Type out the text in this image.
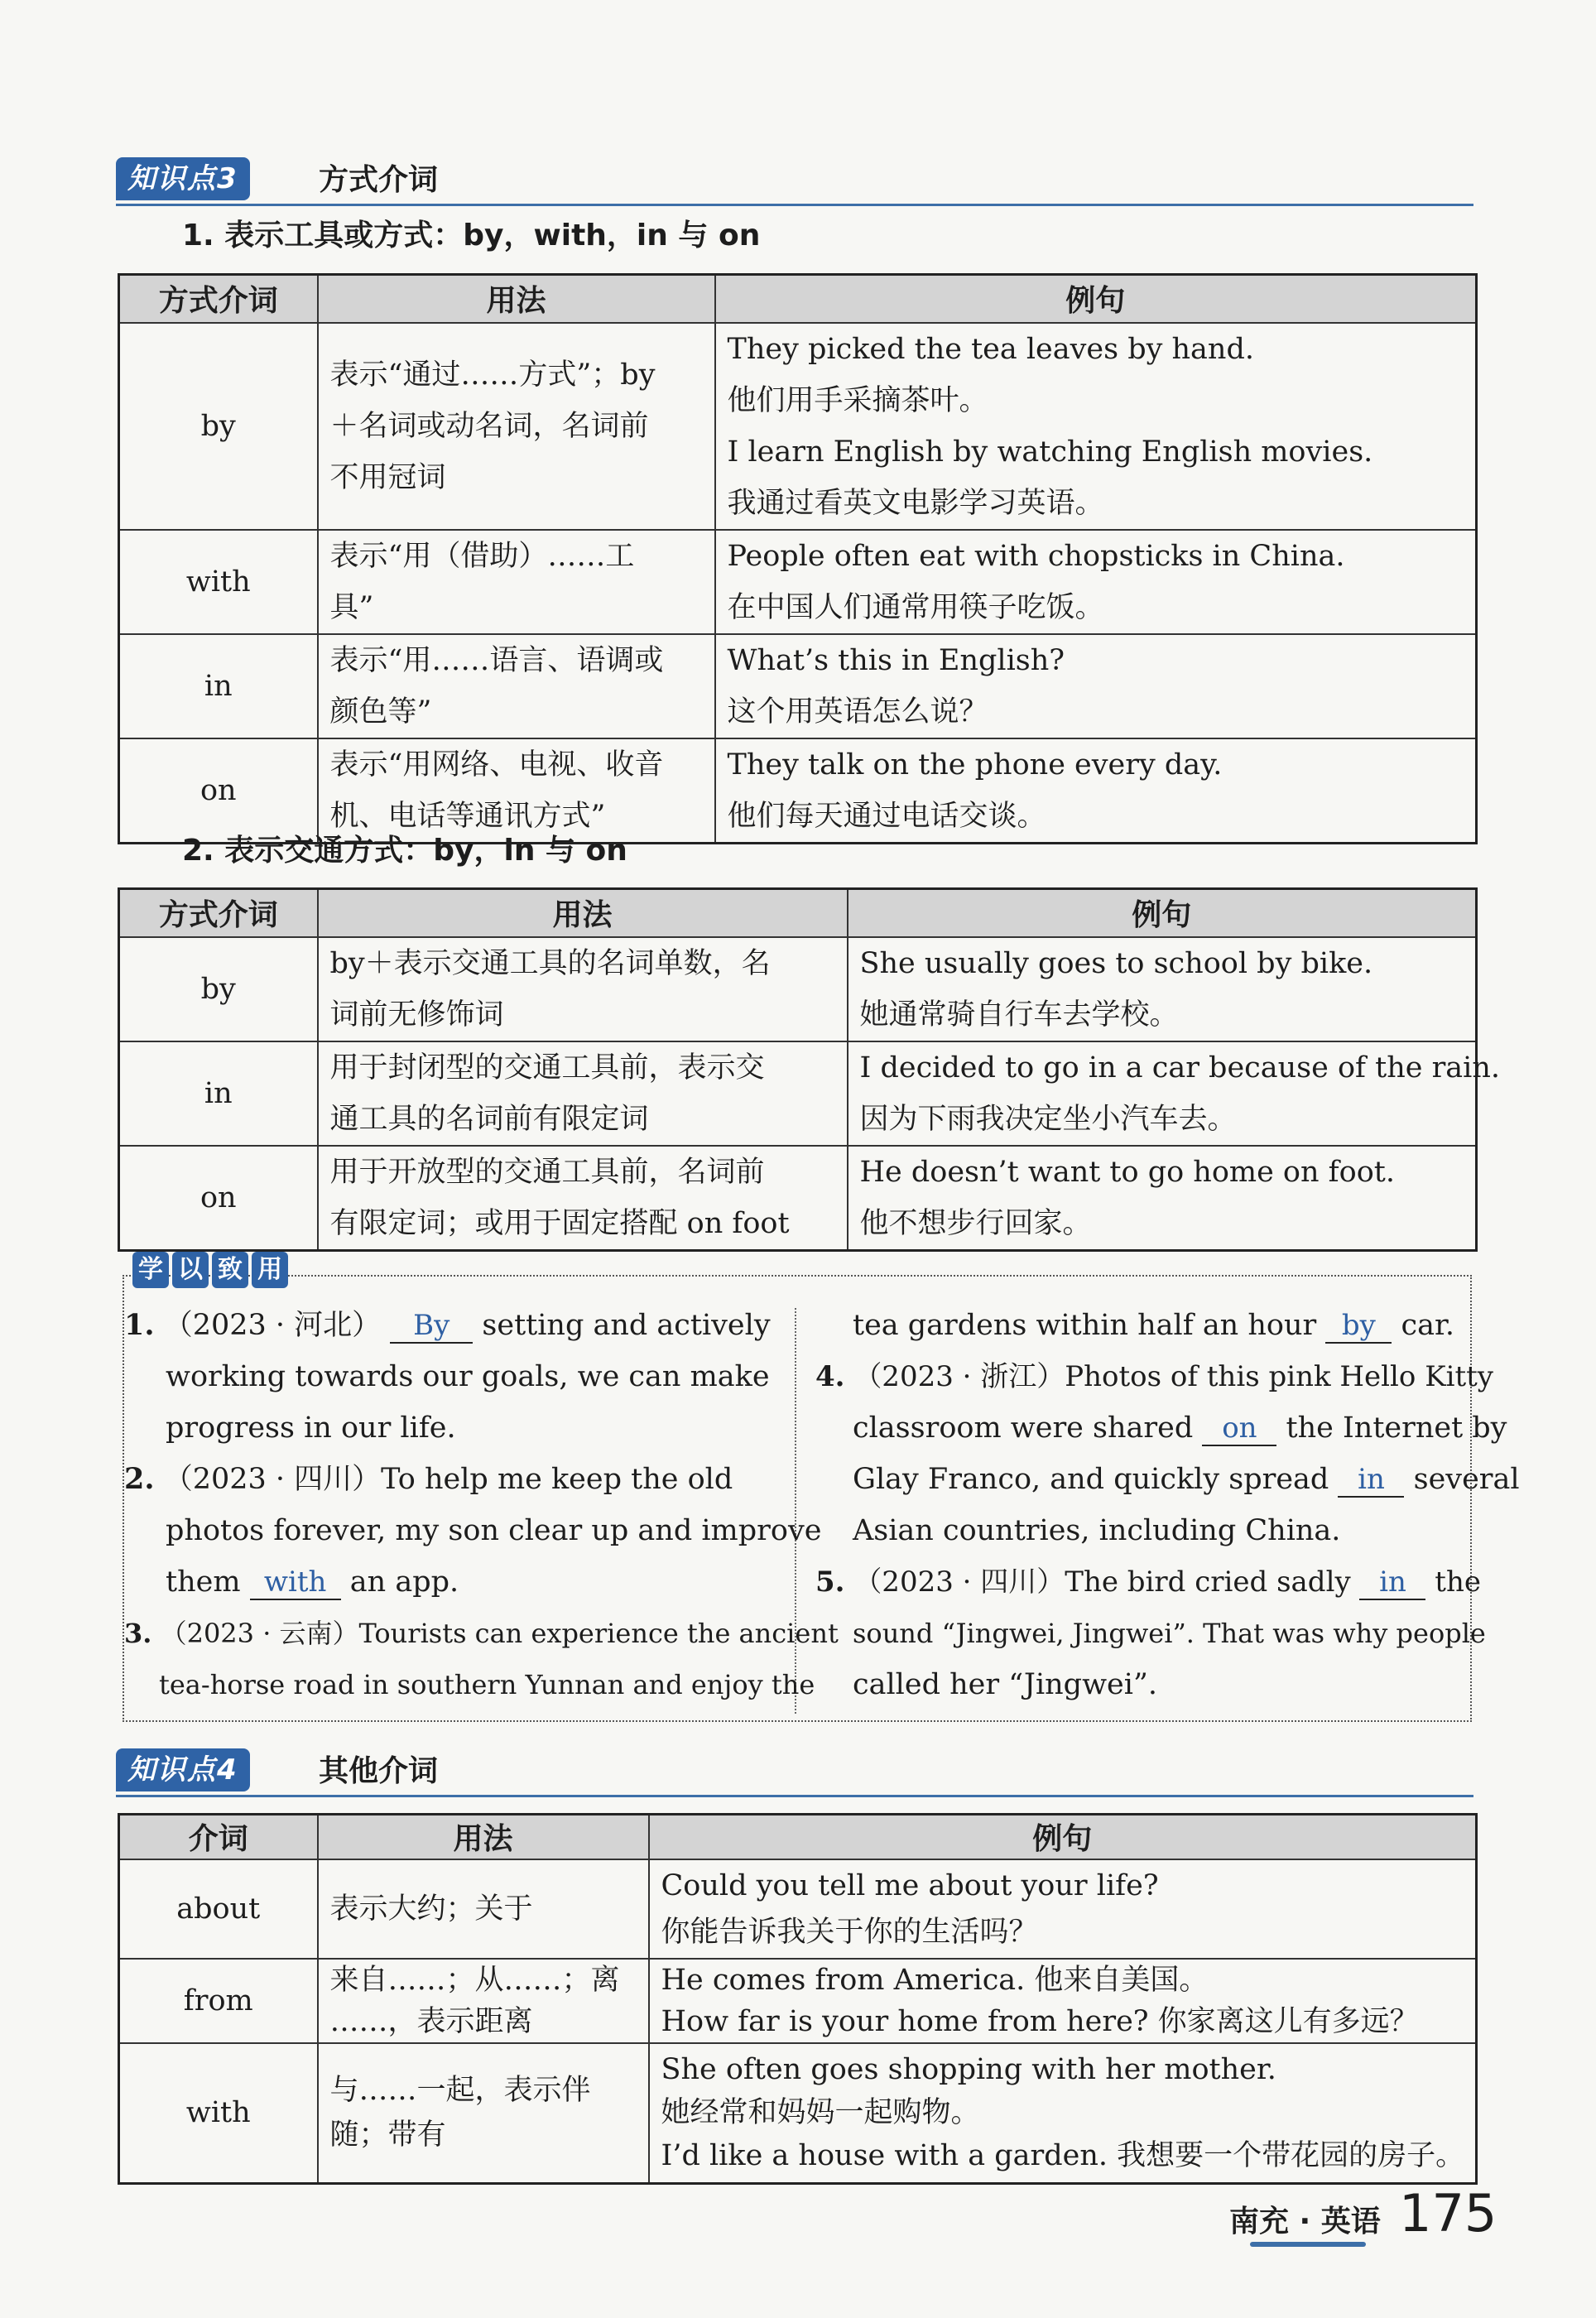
知识点3	方式介词
1. 表示工具或方式：by，with，in 与 on
方式介词	用法	例句
by	表示“通过……方式”；by
＋名词或动名词，名词前
不用冠词	They picked the tea leaves by hand.
他们用手采摘茶叶。
I learn English by watching English movies.
我通过看英文电影学习英语。

with	表示“用（借助）……工
具”	People often eat with chopsticks in China.
在中国人们通常用筷子吃饭。

in	表示“用……语言、语调或
颜色等”	What’s this in English?
这个用英语怎么说？

on	表示“用网络、电视、收音
机、电话等通讯方式”	They talk on the phone every day.
他们每天通过电话交谈。
2. 表示交通方式：by，in 与 on
方式介词	用法	例句
by	by＋表示交通工具的名词单数，名
词前无修饰词	She usually goes to school by bike.
她通常骑自行车去学校。

in	用于封闭型的交通工具前，表示交
通工具的名词前有限定词	I decided to go in a car because of the rain.
因为下雨我决定坐小汽车去。

on	用于开放型的交通工具前，名词前
有限定词；或用于固定搭配 on foot	He doesn’t want to go home on foot.
他不想步行回家。
学 以 致 用
1. （2023 · 河北） By setting and actively
working towards our goals, we can make
progress in our life.
2. （2023 · 四川）To help me keep the old
photos forever, my son clear up and improve
them with an app.
3. （2023 · 云南）Tourists can experience the ancient
tea-horse road in southern Yunnan and enjoy the
tea gardens within half an hour by car.
4. （2023 · 浙江）Photos of this pink Hello Kitty
classroom were shared on the Internet by
Glay Franco, and quickly spread in several
Asian countries, including China.
5. （2023 · 四川）The bird cried sadly in the
sound “Jingwei, Jingwei”. That was why people
called her “Jingwei”.
知识点4	其他介词
介词	用法	例句
about	表示大约；关于	Could you tell me about your life?
你能告诉我关于你的生活吗？

from	来自……；从……；离
……，表示距离	He comes from America. 他来自美国。
How far is your home from here? 你家离这儿有多远？

with	与……一起，表示伴
随；带有	She often goes shopping with her mother.
她经常和妈妈一起购物。
I’d like a house with a garden. 我想要一个带花园的房子。
南充 · 英语 175
